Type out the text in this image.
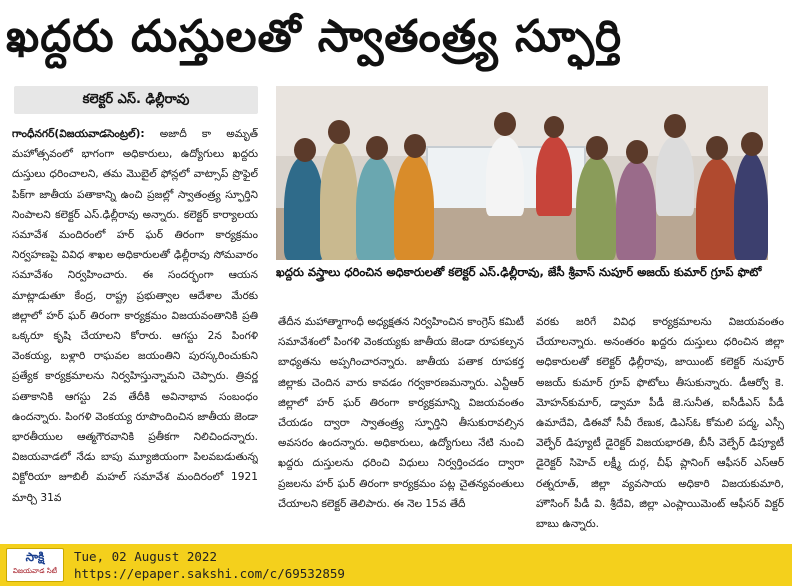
ఖద్దరు దుస్తులతో స్వాతంత్ర్య స్ఫూర్తి
కలెక్టర్ ఎస్. ఢిల్లీరావు

గాంధీనగర్(విజయవాడసెంట్రల్): అజాదీ కా అమృత్ మహోత్సవంలో భాగంగా అధికారులు, ఉద్యోగులు ఖద్దరు దుస్తులు ధరించాలని, తమ మొబైల్ ఫోన్లలో వాట్సాప్ ప్రొఫైల్ పిక్‌గా జాతీయ పతాకాన్ని ఉంచి ప్రజల్లో స్వాతంత్ర్య స్ఫూర్తిని నింపాలని కలెక్టర్ ఎస్.ఢిల్లీరావు అన్నారు. కలెక్టర్ కార్యాలయ సమావేశ మందిరంలో హర్ ఘర్ తిరంగా కార్యక్రమం నిర్వహణపై వివిధ శాఖల అధికారులతో ఢిల్లీరావు సోమవారం సమావేశం నిర్వహించారు. ఈ సందర్భంగా ఆయన మాట్లాడుతూ కేంద్ర, రాష్ట్ర ప్రభుత్వాల ఆదేశాల మేరకు జిల్లాలో హర్ ఘర్ తిరంగా కార్యక్రమం విజయవంతానికి ప్రతి ఒక్కరూ కృషి చేయాలని కోరారు. ఆగస్టు 2న పింగళి వెంకయ్య, బళ్లారి రాఘవల జయంతిని పురస్కరించుకుని ప్రత్యేక కార్యక్రమాలను నిర్వహిస్తున్నామని చెప్పారు. త్రివర్ణ పతాకానికి ఆగస్టు 2వ తేదీకి అవినాభావ సంబంధం ఉందన్నారు. పింగళి వెంకయ్య రూపొందించిన జాతీయ జెండా భారతీయుల ఆత్మగౌరవానికి ప్రతీకగా నిలిచిందన్నారు. విజయవాడలో నేడు బాపు మ్యూజియంగా పిలవబడుతున్న విక్టోరియా జూబిలీ మహల్ సమావేశ మందిరంలో 1921 మార్చి 31వ

ఖద్దరు వస్త్రాలు ధరించిన అధికారులతో కలెక్టర్ ఎస్.ఢిల్లీరావు, జేసీ శ్రీవాస్ నుపూర్ అజయ్ కుమార్ గ్రూప్ ఫొటో

తేదీన మహాత్మాగాంధీ అధ్యక్షతన నిర్వహించిన కాంగ్రెస్ కమిటీ సమావేశంలో పింగళి వెంకయ్యకు జాతీయ జెండా రూపకల్పన బాధ్యతను అప్పగించారన్నారు. జాతీయ పతాక రూపకర్త జిల్లాకు చెందిన వారు కావడం గర్వకారణమన్నారు. ఎన్టీఆర్ జిల్లాలో హర్ ఘర్ తిరంగా కార్యక్రమాన్ని విజయవంతం చేయడం ద్వారా స్వాతంత్ర్య స్ఫూర్తిని తీసుకురావల్సిన అవసరం ఉందన్నారు. అధికారులు, ఉద్యోగులు నేటి నుంచి ఖద్దరు దుస్తులను ధరించి విధులు నిర్వర్తించడం ద్వారా ప్రజలను హర్ ఘర్ తిరంగా కార్యక్రమం పట్ల చైతన్యవంతులు చేయాలని కలెక్టర్ తెలిపారు. ఈ నెల 15వ తేదీ

వరకు జరిగే వివిధ కార్యక్రమాలను విజయవంతం చేయాలన్నారు. అనంతరం ఖద్దరు దుస్తులు ధరించిన జిల్లా అధికారులతో కలెక్టర్ ఢిల్లీరావు, జాయింట్ కలెక్టర్ నుపూర్ అజయ్ కుమార్ గ్రూప్ ఫొటోలు తీసుకున్నారు. డీఆర్వో కె. మోహన్‌కుమార్, డ్వామా పీడీ జె.సునీత, ఐసీడీఎస్ పీడీ ఉమాదేవి, డిఈవో సీవీ రేణుక, డిఎస్‌ఓ కోమలి పద్మ, ఎస్సీ వెల్ఫేర్ డిప్యూటీ డైరెక్టర్ విజయభారతి, బీసీ వెల్ఫేర్ డిప్యూటీ డైరెక్టర్ సిహెచ్ లక్ష్మీ దుర్గ, చీఫ్ ప్లానింగ్ ఆఫీసర్ ఎస్ఆర్ రత్నరూత్, జిల్లా వ్యవసాయ అధికారి విజయకుమారి, హౌసింగ్ పీడీ వి. శ్రీదేవి, జిల్లా ఎంప్లాయిమెంట్ ఆఫీసర్ విక్టర్ బాబు ఉన్నారు.

సాక్షి
విజయవాడ సిటీ
Tue, 02 August 2022
https://epaper.sakshi.com/c/69532859
